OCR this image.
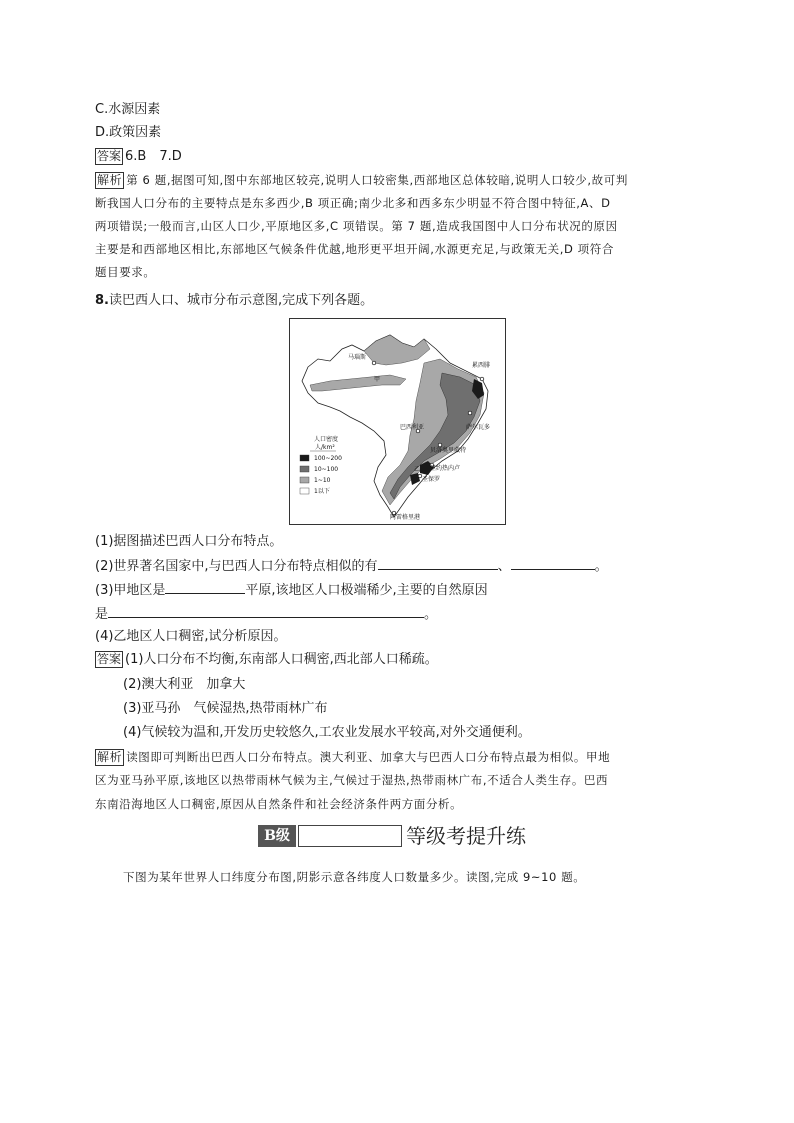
C.水源因素
D.政策因素
答案 6.B　7.D
解析 第 6 题,据图可知,图中东部地区较亮,说明人口较密集,西部地区总体较暗,说明人口较少,故可判
断我国人口分布的主要特点是东多西少,B 项正确;南少北多和西多东少明显不符合图中特征,A、D
两项错误;一般而言,山区人口少,平原地区多,C 项错误。第 7 题,造成我国图中人口分布状况的原因
主要是和西部地区相比,东部地区气候条件优越,地形更平坦开阔,水源更充足,与政策无关,D 项符合
题目要求。
8.读巴西人口、城市分布示意图,完成下列各题。
马瑙斯
累西腓
萨尔瓦多
巴西利亚
贝洛奥里藏特
里约热内卢
圣保罗
阿雷格里港
甲
乙
人口密度
人/km²
100~200
10~100
1~10
1以下
(1)据图描述巴西人口分布特点。
(2)世界著名国家中,与巴西人口分布特点相似的有	、	。
(3)甲地区是	平原,该地区人口极端稀少,主要的自然原因
是	。
(4)乙地区人口稠密,试分析原因。
答案 (1)人口分布不均衡,东南部人口稠密,西北部人口稀疏。
(2)澳大利亚　加拿大
(3)亚马孙　气候湿热,热带雨林广布
(4)气候较为温和,开发历史较悠久,工农业发展水平较高,对外交通便利。
解析 读图即可判断出巴西人口分布特点。澳大利亚、加拿大与巴西人口分布特点最为相似。甲地
区为亚马孙平原,该地区以热带雨林气候为主,气候过于湿热,热带雨林广布,不适合人类生存。巴西
东南沿海地区人口稠密,原因从自然条件和社会经济条件两方面分析。
B级	等级考提升练
下图为某年世界人口纬度分布图,阴影示意各纬度人口数量多少。读图,完成 9~10 题。
